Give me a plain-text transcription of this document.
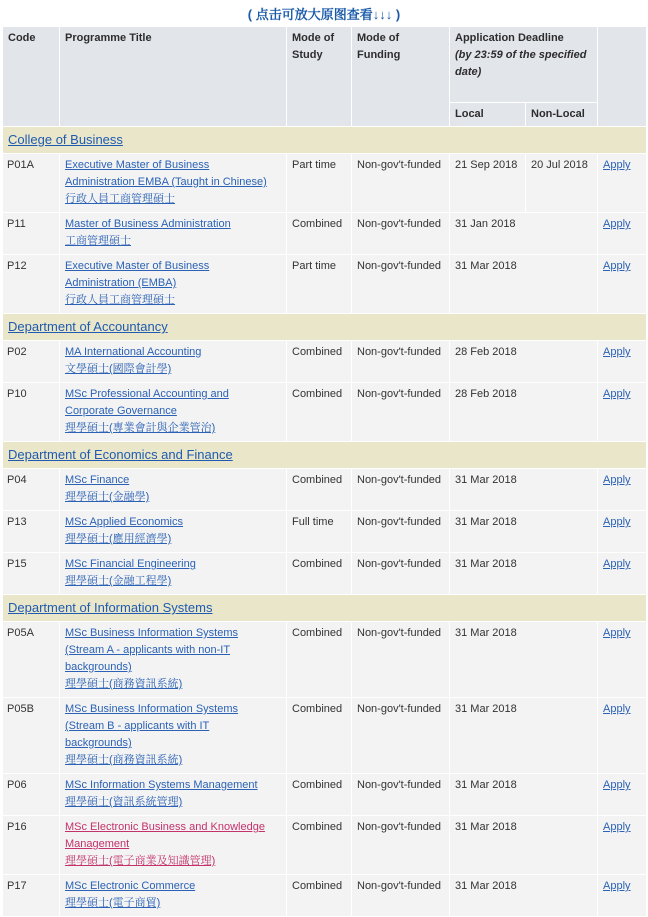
( 点击可放大原图查看↓↓↓ )
Code	Programme Title	Mode of Study	Mode of Funding	Application Deadline
(by 23:59 of the specified date)		

				Local	Non-Local	
College of Business						
P01A	Executive Master of Business
Administration EMBA (Taught in Chinese)
行政人員工商管理碩士	Part time	Non-gov't-funded	21 Sep 2018	20 Jul 2018	Apply
P11	Master of Business Administration
工商管理碩士	Combined	Non-gov't-funded	31 Jan 2018		Apply
P12	Executive Master of Business
Administration (EMBA)
行政人員工商管理碩士	Part time	Non-gov't-funded	31 Mar 2018		Apply
Department of Accountancy						
P02	MA International Accounting
文學碩士(國際會計學)	Combined	Non-gov't-funded	28 Feb 2018		Apply
P10	MSc Professional Accounting and
Corporate Governance
理學碩士(專業會計與企業管治)	Combined	Non-gov't-funded	28 Feb 2018		Apply
Department of Economics and Finance						
P04	MSc Finance
理學碩士(金融學)	Combined	Non-gov't-funded	31 Mar 2018		Apply
P13	MSc Applied Economics
理學碩士(應用經濟學)	Full time	Non-gov't-funded	31 Mar 2018		Apply
P15	MSc Financial Engineering
理學碩士(金融工程學)	Combined	Non-gov't-funded	31 Mar 2018		Apply
Department of Information Systems						
P05A	MSc Business Information Systems
(Stream A - applicants with non-IT
backgrounds)
理學碩士(商務資訊系統)	Combined	Non-gov't-funded	31 Mar 2018		Apply
P05B	MSc Business Information Systems
(Stream B - applicants with IT
backgrounds)
理學碩士(商務資訊系統)	Combined	Non-gov't-funded	31 Mar 2018		Apply
P06	MSc Information Systems Management
理學碩士(資訊系統管理)	Combined	Non-gov't-funded	31 Mar 2018		Apply
P16	MSc Electronic Business and Knowledge
Management
理學碩士(電子商業及知識管理)	Combined	Non-gov't-funded	31 Mar 2018		Apply
P17	MSc Electronic Commerce
理學碩士(電子商貿)	Combined	Non-gov't-funded	31 Mar 2018		Apply
